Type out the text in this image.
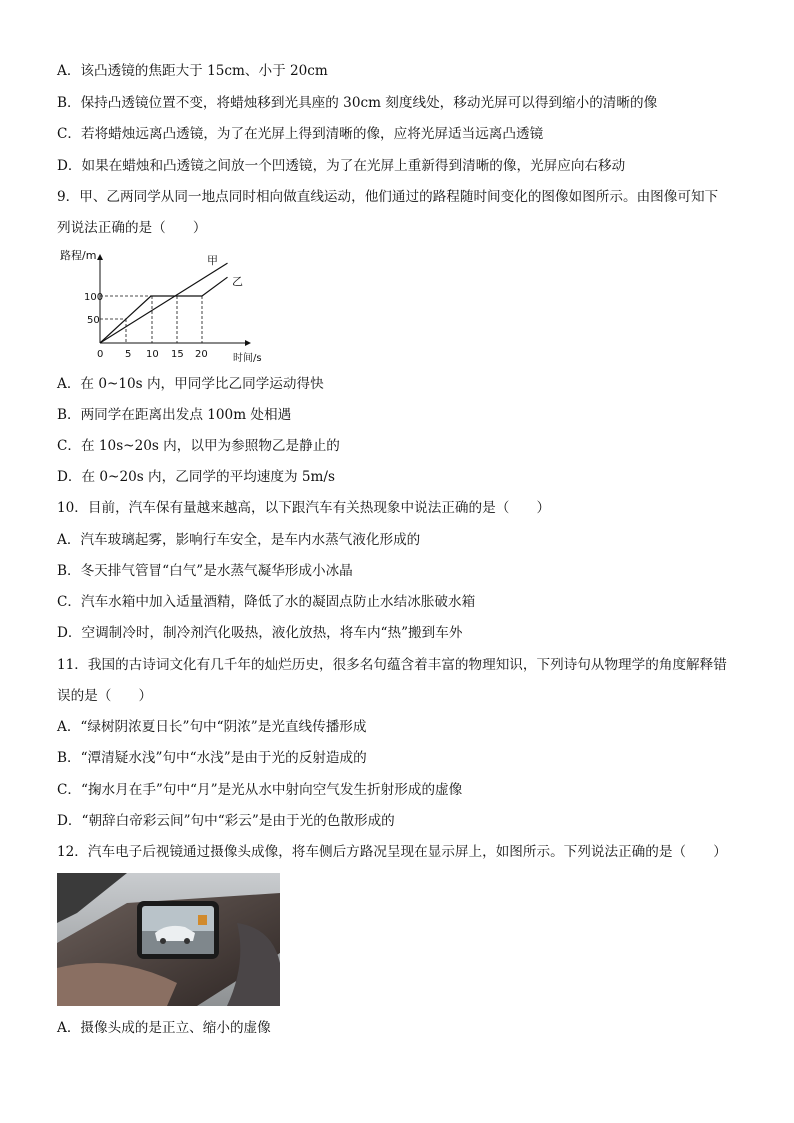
A．该凸透镜的焦距大于 15cm、小于 20cm
B．保持凸透镜位置不变，将蜡烛移到光具座的 30cm 刻度线处，移动光屏可以得到缩小的清晰的像
C．若将蜡烛远离凸透镜，为了在光屏上得到清晰的像，应将光屏适当远离凸透镜
D．如果在蜡烛和凸透镜之间放一个凹透镜，为了在光屏上重新得到清晰的像，光屏应向右移动
9．甲、乙两同学从同一地点同时相向做直线运动，他们通过的路程随时间变化的图像如图所示。由图像可知下
列说法正确的是（　　）
A．在 0~10s 内，甲同学比乙同学运动得快
B．两同学在距离出发点 100m 处相遇
C．在 10s~20s 内，以甲为参照物乙是静止的
D．在 0~20s 内，乙同学的平均速度为 5m/s
10．目前，汽车保有量越来越高，以下跟汽车有关热现象中说法正确的是（　　）
A．汽车玻璃起雾，影响行车安全，是车内水蒸气液化形成的
B．冬天排气管冒“白气”是水蒸气凝华形成小冰晶
C．汽车水箱中加入适量酒精，降低了水的凝固点防止水结冰胀破水箱
D．空调制冷时，制冷剂汽化吸热，液化放热，将车内“热”搬到车外
11．我国的古诗词文化有几千年的灿烂历史，很多名句蕴含着丰富的物理知识，下列诗句从物理学的角度解释错
误的是（　　）
A．“绿树阴浓夏日长”句中“阴浓”是光直线传播形成
B．“潭清疑水浅”句中“水浅”是由于光的反射造成的
C．“掬水月在手”句中“月”是光从水中射向空气发生折射形成的虚像
D．“朝辞白帝彩云间”句中“彩云”是由于光的色散形成的
12．汽车电子后视镜通过摄像头成像，将车侧后方路况呈现在显示屏上，如图所示。下列说法正确的是（　　）
A．摄像头成的是正立、缩小的虚像
路程/m
时间/s
100
50
0 5 10 15 20
甲
乙
